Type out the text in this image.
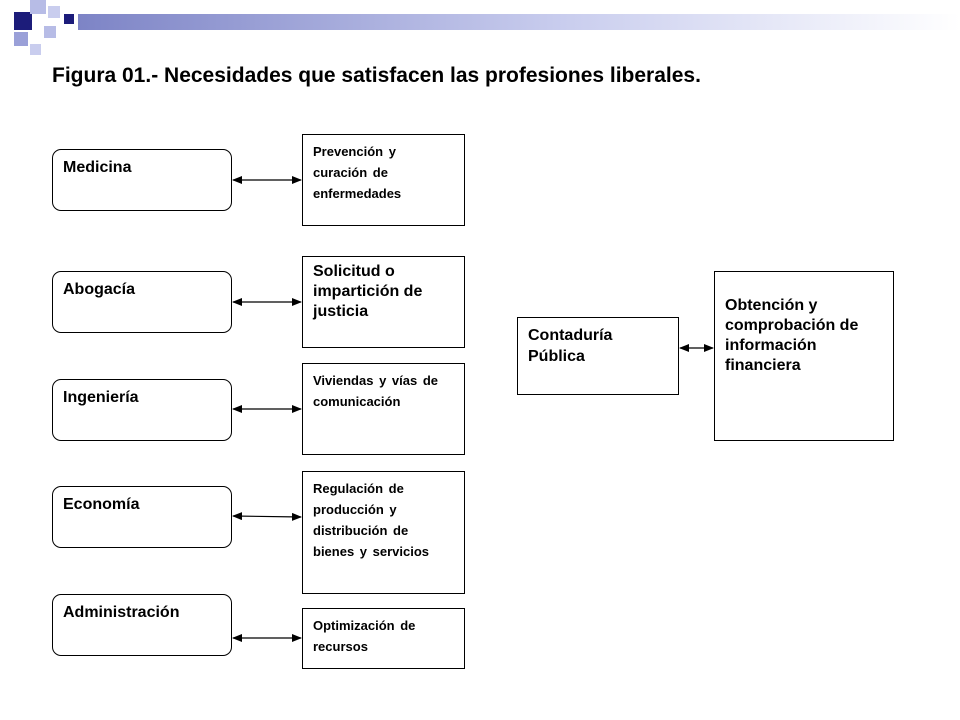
Figura 01.- Necesidades que satisfacen las profesiones liberales.
Medicina
Abogacía
Ingeniería
Economía
Administración
Prevención y curación de enfermedades
Solicitud o impartición de justicia
Viviendas y vías de comunicación
Regulación de producción y distribución de bienes y servicios
Optimización de recursos
Contaduría Pública
Obtención y comprobación de información financiera
